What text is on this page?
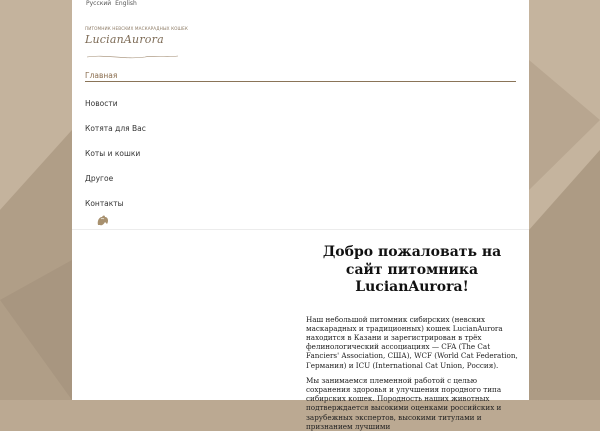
Русский English
ПИТОМНИК НЕВСКИХ МАСКАРАДНЫХ КОШЕК
LucianAurora
Главная
Новости
Котята для Вас
Коты и кошки
Другое
Контакты
Добро пожаловать на сайт питомника LucianAurora!

Наш небольшой питомник сибирских (невских маскарадных и традиционных) кошек LucianAurora находится в Казани и зарегистрирован в трёх фелинологический ассоциациях — CFA (The Cat Fanciers' Association, США), WCF (World Cat Federation, Германия) и ICU (International Cat Union, Россия).

Мы занимаемся племенной работой с целью сохранения здоровья и улучшения породного типа сибирских кошек. Породность наших животных подтверждается высокими оценками российских и зарубежных экспертов, высокими титулами и признанием лучшими
